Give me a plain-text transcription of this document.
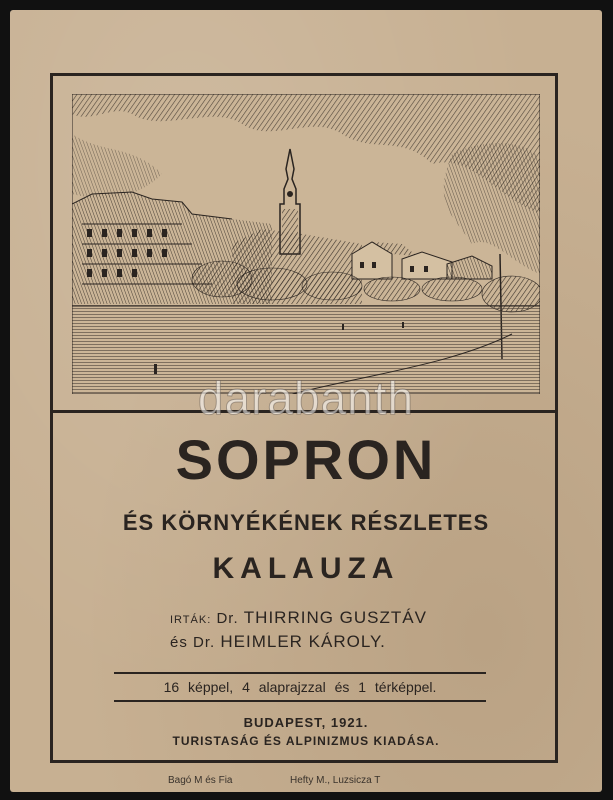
darabanth
SOPRON
ÉS KÖRNYÉKÉNEK RÉSZLETES
KALAUZA
IRTÁK: Dr. THIRRING GUSZTÁV
és Dr. HEIMLER KÁROLY.
16 képpel, 4 alaprajzzal és 1 térképpel.
BUDAPEST, 1921.
TURISTASÁG ÉS ALPINIZMUS KIADÁSA.
Bagó M és Fia	Hefty M., Luzsicza T
